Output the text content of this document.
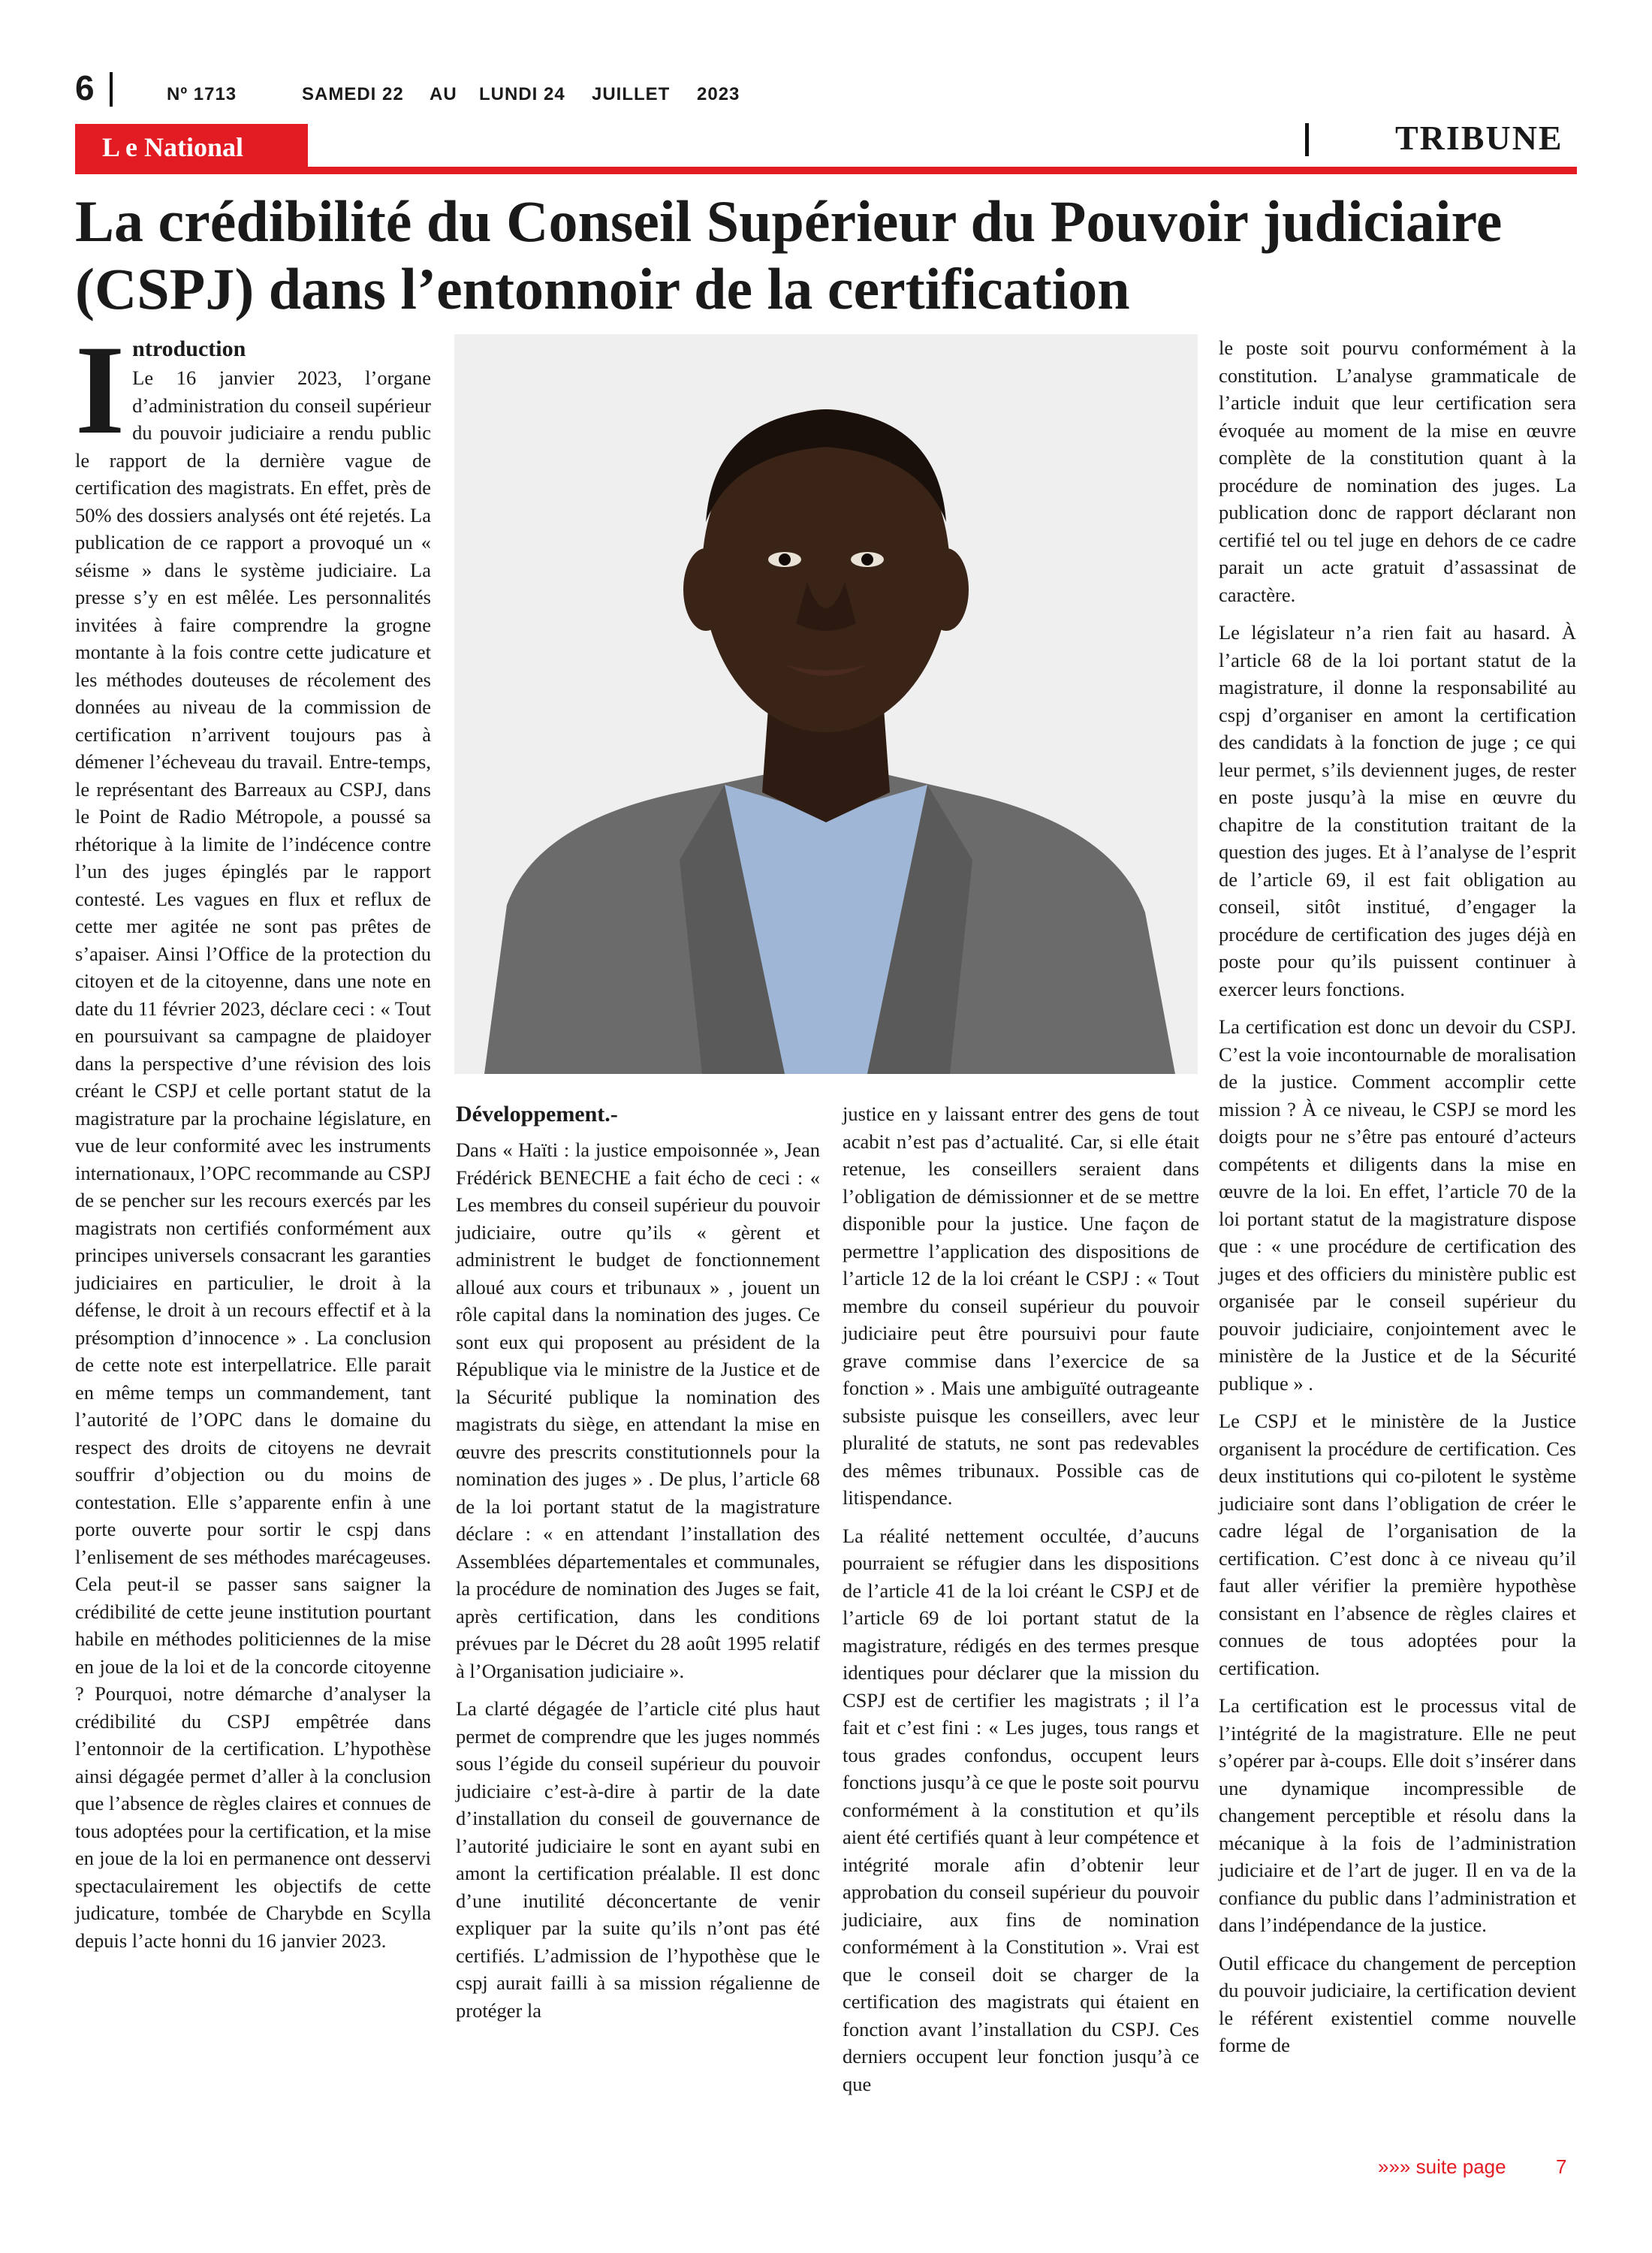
6	Nº 1713	SAMEDI 22 AU LUNDI 24 JUILLET 2023
L e National	TRIBUNE
La crédibilité du Conseil Supérieur du Pouvoir judiciaire (CSPJ) dans l’entonnoir de la certification
I ntroduction

Le 16 janvier 2023, l’organe d’administration du conseil supérieur du pouvoir judiciaire a rendu public le rapport de la dernière vague de certification des magistrats. En effet, près de 50% des dossiers analysés ont été rejetés. La publication de ce rapport a provoqué un « séisme » dans le système judiciaire. La presse s’y en est mêlée. Les personnalités invitées à faire comprendre la grogne montante à la fois contre cette judicature et les méthodes douteuses de récolement des données au niveau de la commission de certification n’arrivent toujours pas à démener l’écheveau du travail. Entre-temps, le représentant des Barreaux au CSPJ, dans le Point de Radio Métropole, a poussé sa rhétorique à la limite de l’indécence contre l’un des juges épinglés par le rapport contesté. Les vagues en flux et reflux de cette mer agitée ne sont pas prêtes de s’apaiser. Ainsi l’Office de la protection du citoyen et de la citoyenne, dans une note en date du 11 février 2023, déclare ceci : « Tout en poursuivant sa campagne de plaidoyer dans la perspective d’une révision des lois créant le CSPJ et celle portant statut de la magistrature par la prochaine législature, en vue de leur conformité avec les instruments internationaux, l’OPC recommande au CSPJ de se pencher sur les recours exercés par les magistrats non certifiés conformément aux principes universels consacrant les garanties judiciaires en particulier, le droit à la défense, le droit à un recours effectif et à la présomption d’innocence » . La conclusion de cette note est interpellatrice. Elle parait en même temps un commandement, tant l’autorité de l’OPC dans le domaine du respect des droits de citoyens ne devrait souffrir d’objection ou du moins de contestation. Elle s’apparente enfin à une porte ouverte pour sortir le cspj dans l’enlisement de ses méthodes marécageuses. Cela peut-il se passer sans saigner la crédibilité de cette jeune institution pourtant habile en méthodes politiciennes de la mise en joue de la loi et de la concorde citoyenne ? Pourquoi, notre démarche d’analyser la crédibilité du CSPJ empêtrée dans l’entonnoir de la certification. L’hypothèse ainsi dégagée permet d’aller à la conclusion que l’absence de règles claires et connues de tous adoptées pour la certification, et la mise en joue de la loi en permanence ont desservi spectaculairement les objectifs de cette judicature, tombée de Charybde en Scylla depuis l’acte honni du 16 janvier 2023.

Développement.-

Dans « Haïti : la justice empoisonnée », Jean Frédérick BENECHE a fait écho de ceci : « Les membres du conseil supérieur du pouvoir judiciaire, outre qu’ils « gèrent et administrent le budget de fonctionnement alloué aux cours et tribunaux » , jouent un rôle capital dans la nomination des juges. Ce sont eux qui proposent au président de la République via le ministre de la Justice et de la Sécurité publique la nomination des magistrats du siège, en attendant la mise en œuvre des prescrits constitutionnels pour la nomination des juges » . De plus, l’article 68 de la loi portant statut de la magistrature déclare : « en attendant l’installation des Assemblées départementales et communales, la procédure de nomination des Juges se fait, après certification, dans les conditions prévues par le Décret du 28 août 1995 relatif à l’Organisation judiciaire ».

La clarté dégagée de l’article cité plus haut permet de comprendre que les juges nommés sous l’égide du conseil supérieur du pouvoir judiciaire c’est-à-dire à partir de la date d’installation du conseil de gouvernance de l’autorité judiciaire le sont en ayant subi en amont la certification préalable. Il est donc d’une inutilité déconcertante de venir expliquer par la suite qu’ils n’ont pas été certifiés. L’admission de l’hypothèse que le cspj aurait failli à sa mission régalienne de protéger la

justice en y laissant entrer des gens de tout acabit n’est pas d’actualité. Car, si elle était retenue, les conseillers seraient dans l’obligation de démissionner et de se mettre disponible pour la justice. Une façon de permettre l’application des dispositions de l’article 12 de la loi créant le CSPJ : « Tout membre du conseil supérieur du pouvoir judiciaire peut être poursuivi pour faute grave commise dans l’exercice de sa fonction » . Mais une ambiguïté outrageante subsiste puisque les conseillers, avec leur pluralité de statuts, ne sont pas redevables des mêmes tribunaux. Possible cas de litispendance.

La réalité nettement occultée, d’aucuns pourraient se réfugier dans les dispositions de l’article 41 de la loi créant le CSPJ et de l’article 69 de loi portant statut de la magistrature, rédigés en des termes presque identiques pour déclarer que la mission du CSPJ est de certifier les magistrats ; il l’a fait et c’est fini : « Les juges, tous rangs et tous grades confondus, occupent leurs fonctions jusqu’à ce que le poste soit pourvu conformément à la constitution et qu’ils aient été certifiés quant à leur compétence et intégrité morale afin d’obtenir leur approbation du conseil supérieur du pouvoir judiciaire, aux fins de nomination conformément à la Constitution ». Vrai est que le conseil doit se charger de la certification des magistrats qui étaient en fonction avant l’installation du CSPJ. Ces derniers occupent leur fonction jusqu’à ce que

le poste soit pourvu conformément à la constitution. L’analyse grammaticale de l’article induit que leur certification sera évoquée au moment de la mise en œuvre complète de la constitution quant à la procédure de nomination des juges. La publication donc de rapport déclarant non certifié tel ou tel juge en dehors de ce cadre parait un acte gratuit d’assassinat de caractère.

Le législateur n’a rien fait au hasard. À l’article 68 de la loi portant statut de la magistrature, il donne la responsabilité au cspj d’organiser en amont la certification des candidats à la fonction de juge ; ce qui leur permet, s’ils deviennent juges, de rester en poste jusqu’à la mise en œuvre du chapitre de la constitution traitant de la question des juges. Et à l’analyse de l’esprit de l’article 69, il est fait obligation au conseil, sitôt institué, d’engager la procédure de certification des juges déjà en poste pour qu’ils puissent continuer à exercer leurs fonctions.

La certification est donc un devoir du CSPJ. C’est la voie incontournable de moralisation de la justice. Comment accomplir cette mission ? À ce niveau, le CSPJ se mord les doigts pour ne s’être pas entouré d’acteurs compétents et diligents dans la mise en œuvre de la loi. En effet, l’article 70 de la loi portant statut de la magistrature dispose que : « une procédure de certification des juges et des officiers du ministère public est organisée par le conseil supérieur du pouvoir judiciaire, conjointement avec le ministère de la Justice et de la Sécurité publique » .

Le CSPJ et le ministère de la Justice organisent la procédure de certification. Ces deux institutions qui co-pilotent le système judiciaire sont dans l’obligation de créer le cadre légal de l’organisation de la certification. C’est donc à ce niveau qu’il faut aller vérifier la première hypothèse consistant en l’absence de règles claires et connues de tous adoptées pour la certification.

La certification est le processus vital de l’intégrité de la magistrature. Elle ne peut s’opérer par à-coups. Elle doit s’insérer dans une dynamique incompressible de changement perceptible et résolu dans la mécanique à la fois de l’administration judiciaire et de l’art de juger. Il en va de la confiance du public dans l’administration et dans l’indépendance de la justice.

Outil efficace du changement de perception du pouvoir judiciaire, la certification devient le référent existentiel comme nouvelle forme de

»»» suite page	7
